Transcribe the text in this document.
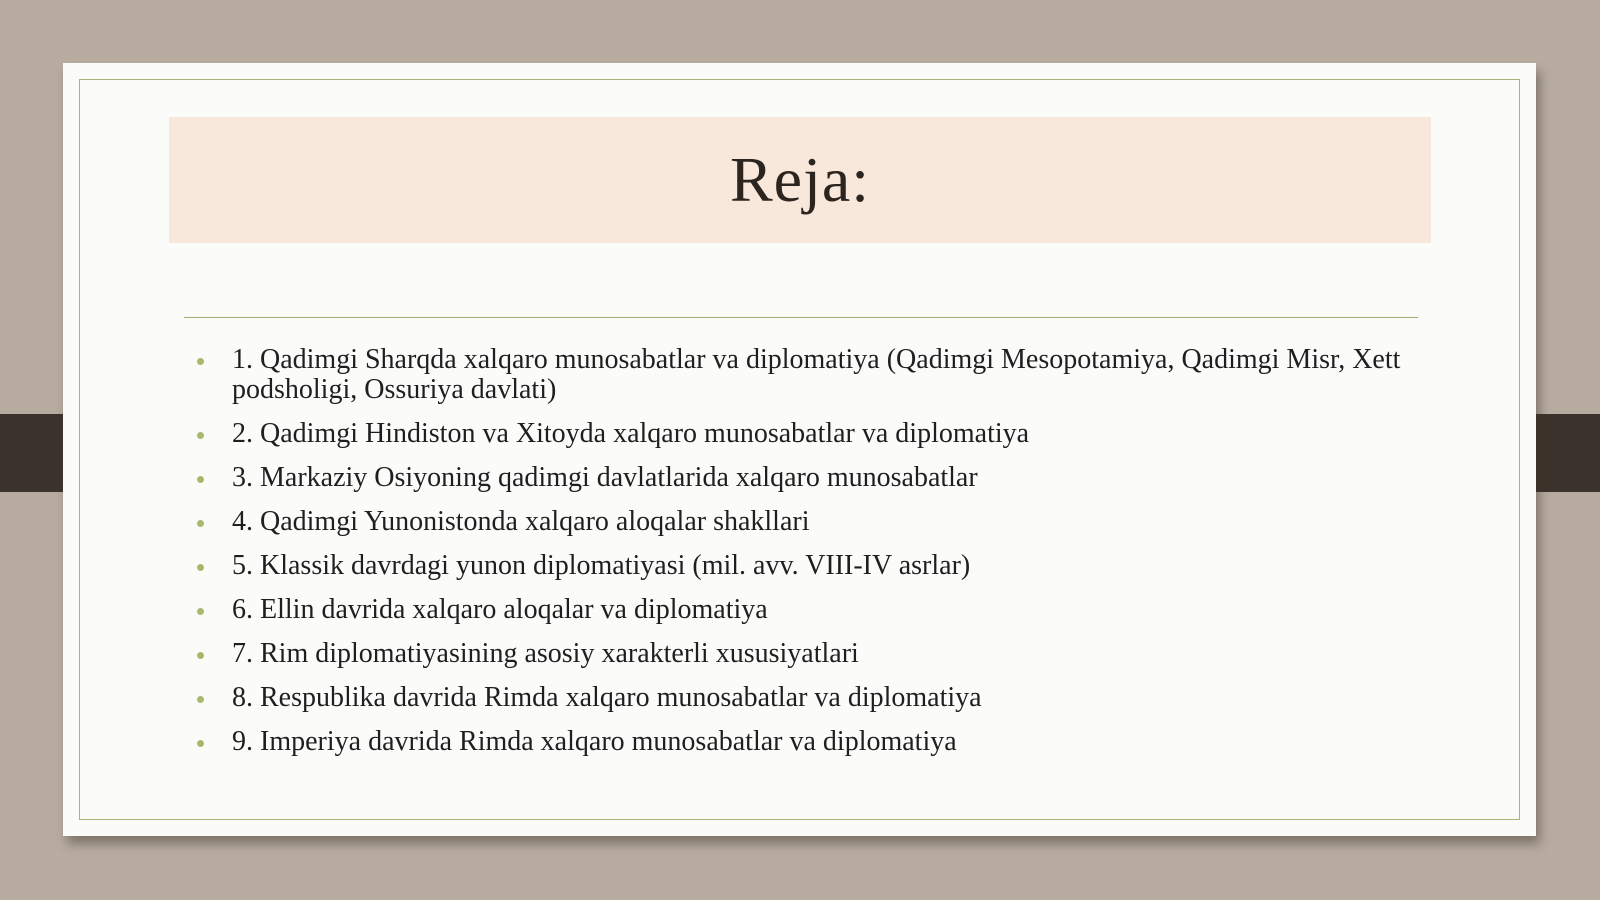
Reja:
1. Qadimgi Sharqda xalqaro munosabatlar va diplomatiya (Qadimgi Mesopotamiya, Qadimgi Misr, Xett podsholigi, Ossuriya davlati)
2. Qadimgi Hindiston va Xitoyda xalqaro munosabatlar va diplomatiya
3. Markaziy Osiyoning qadimgi davlatlarida xalqaro munosabatlar
4. Qadimgi Yunonistonda xalqaro aloqalar shakllari
5. Klassik davrdagi yunon diplomatiyasi (mil. avv. VIII-IV asrlar)
6. Ellin davrida xalqaro aloqalar va diplomatiya
7. Rim diplomatiyasining asosiy xarakterli xususiyatlari
8. Respublika davrida Rimda xalqaro munosabatlar va diplomatiya
9. Imperiya davrida Rimda xalqaro munosabatlar va diplomatiya
